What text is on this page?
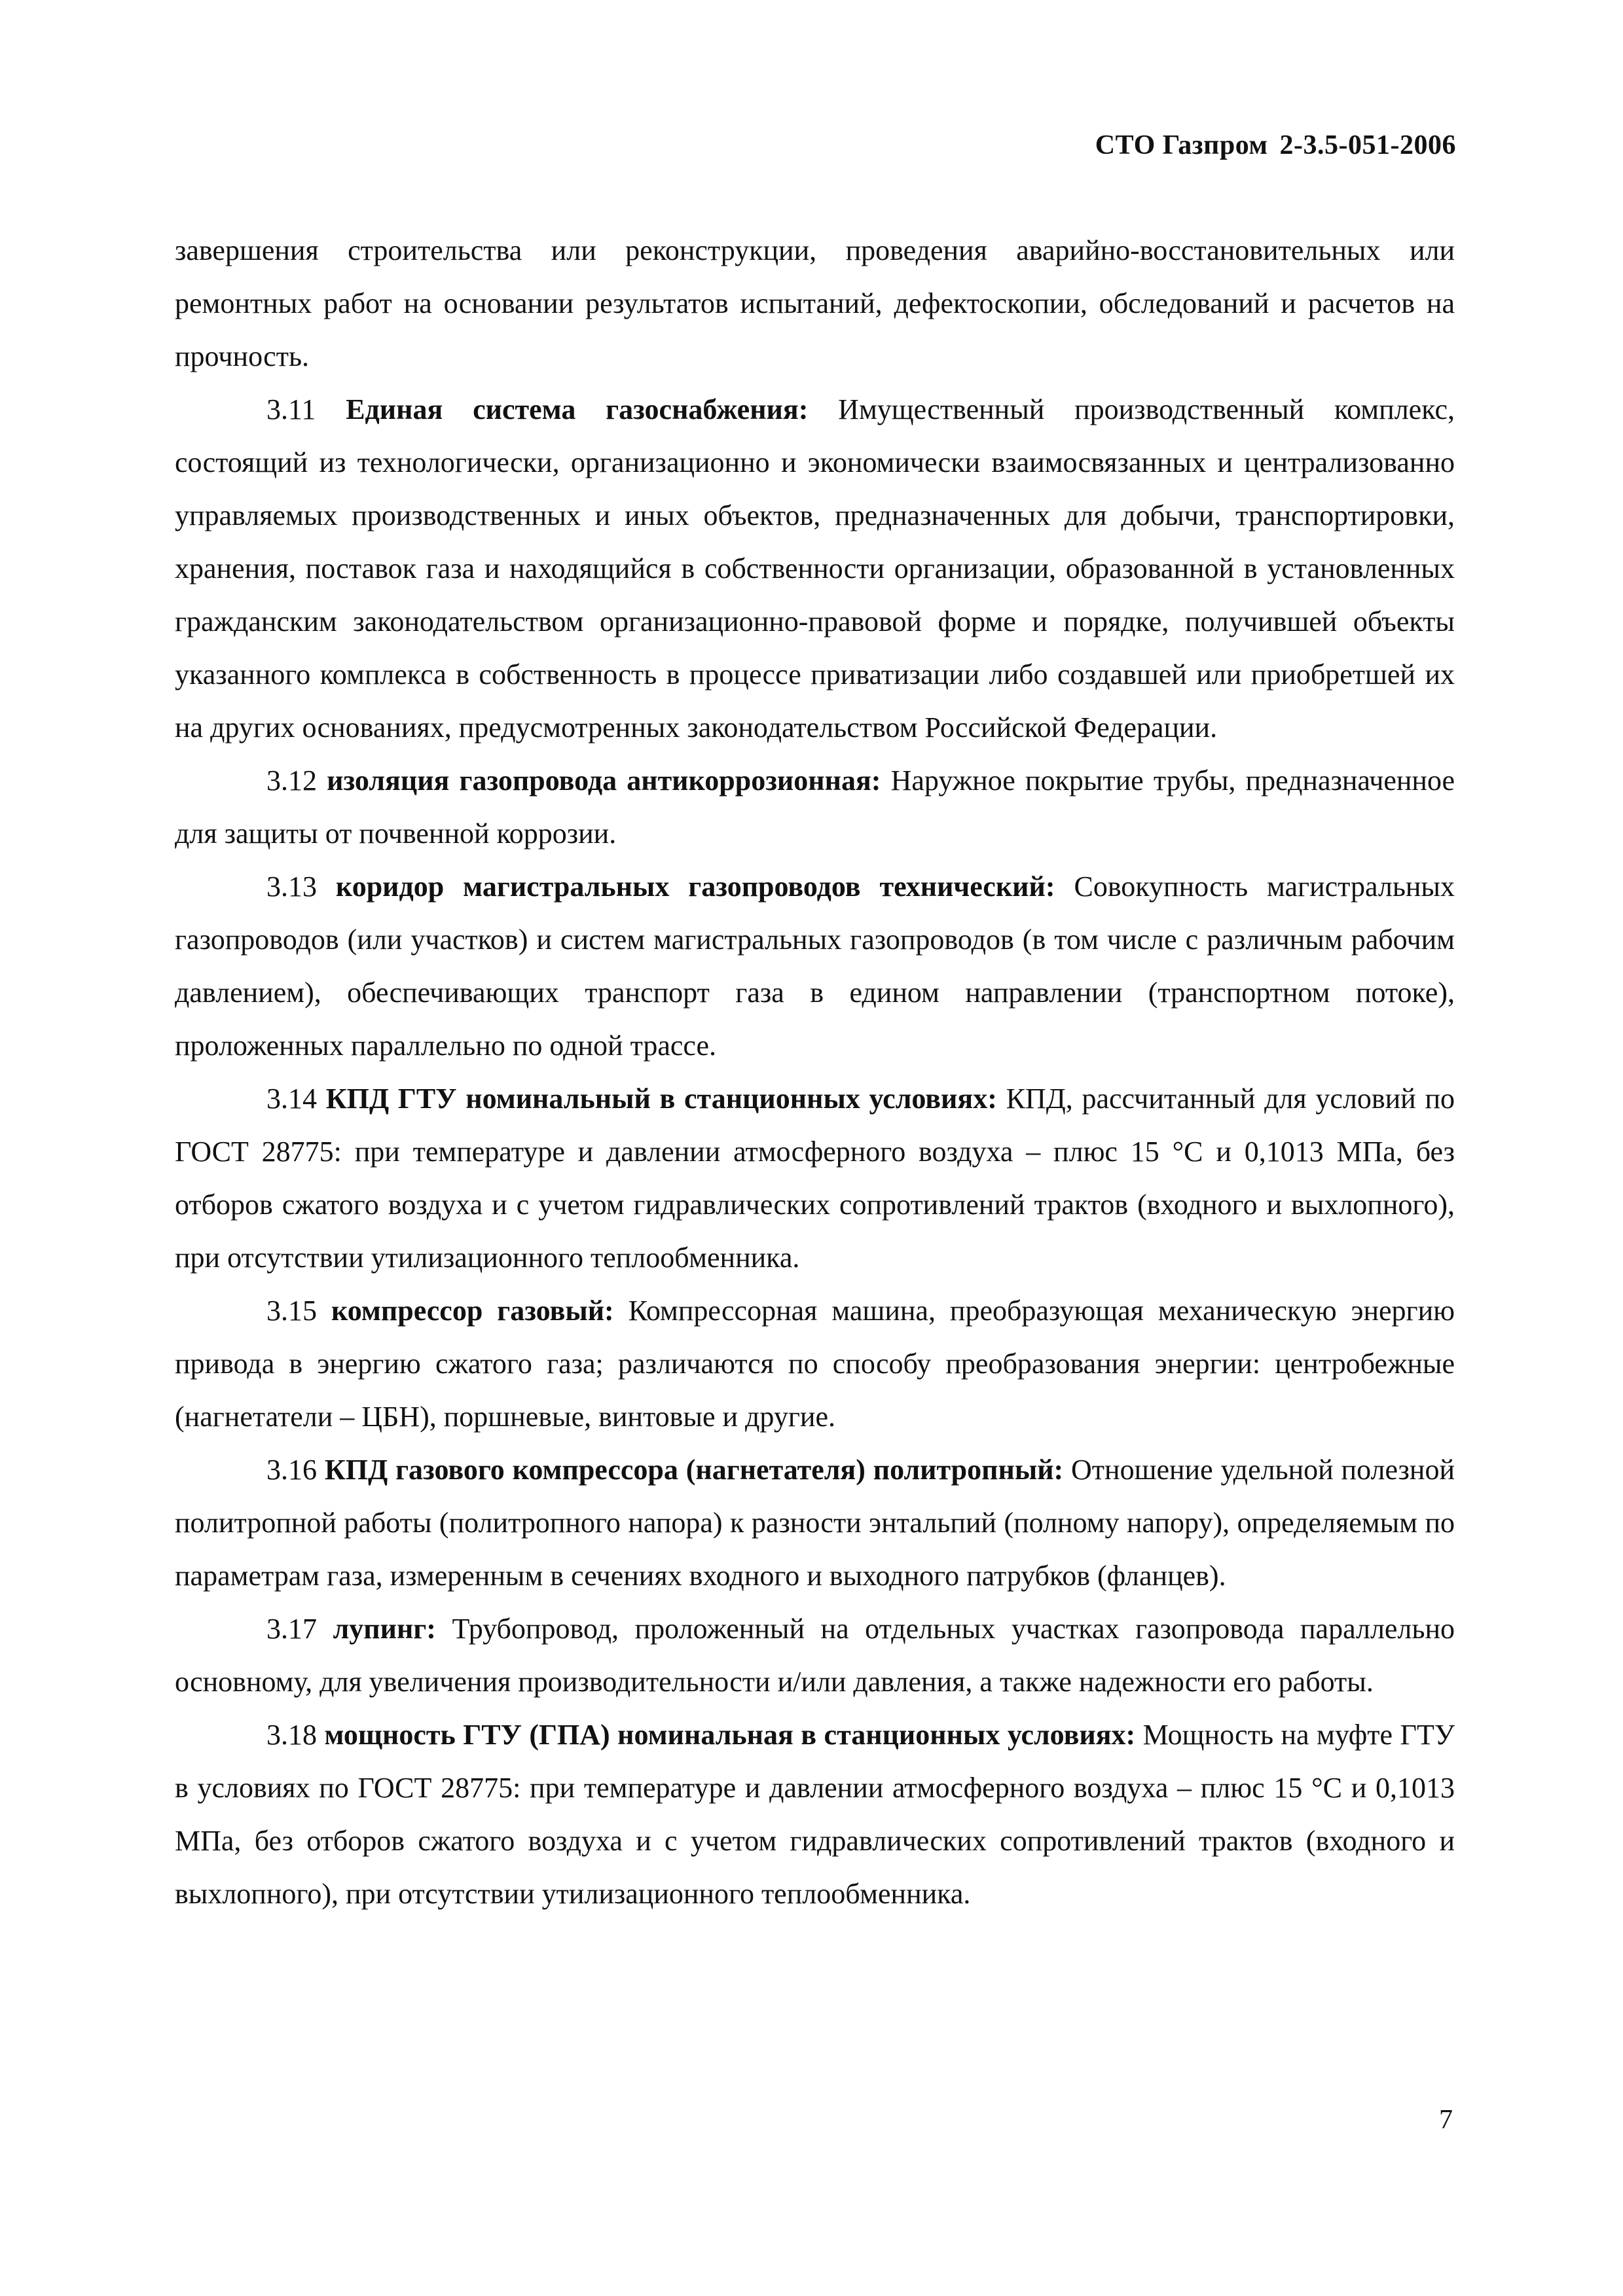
СТО Газпром 2-3.5-051-2006

завершения строительства или реконструкции, проведения аварийно-восстановительных или ремонтных работ на основании результатов испытаний, дефектоскопии, обследований и расчетов на прочность.

3.11 Единая система газоснабжения: Имущественный производственный комплекс, состоящий из технологически, организационно и экономически взаимосвязанных и централизованно управляемых производственных и иных объектов, предназначенных для добычи, транспортировки, хранения, поставок газа и находящийся в собственности организации, образованной в установленных гражданским законодательством организационно-правовой форме и порядке, получившей объекты указанного комплекса в собственность в процессе приватизации либо создавшей или приобретшей их на других основаниях, предусмотренных законодательством Российской Федерации.

3.12 изоляция газопровода антикоррозионная: Наружное покрытие трубы, предназначенное для защиты от почвенной коррозии.

3.13 коридор магистральных газопроводов технический: Совокупность магистральных газопроводов (или участков) и систем магистральных газопроводов (в том числе с различным рабочим давлением), обеспечивающих транспорт газа в едином направлении (транспортном потоке), проложенных параллельно по одной трассе.

3.14 КПД ГТУ номинальный в станционных условиях: КПД, рассчитанный для условий по ГОСТ 28775: при температуре и давлении атмосферного воздуха – плюс 15 °С и 0,1013 МПа, без отборов сжатого воздуха и с учетом гидравлических сопротивлений трактов (входного и выхлопного), при отсутствии утилизационного теплообменника.

3.15 компрессор газовый: Компрессорная машина, преобразующая механическую энергию привода в энергию сжатого газа; различаются по способу преобразования энергии: центробежные (нагнетатели – ЦБН), поршневые, винтовые и другие.

3.16 КПД газового компрессора (нагнетателя) политропный: Отношение удельной полезной политропной работы (политропного напора) к разности энтальпий (полному напору), определяемым по параметрам газа, измеренным в сечениях входного и выходного патрубков (фланцев).

3.17 лупинг: Трубопровод, проложенный на отдельных участках газопровода параллельно основному, для увеличения производительности и/или давления, а также надежности его работы.

3.18 мощность ГТУ (ГПА) номинальная в станционных условиях: Мощность на муфте ГТУ в условиях по ГОСТ 28775: при температуре и давлении атмосферного воздуха – плюс 15 °С и 0,1013 МПа, без отборов сжатого воздуха и с учетом гидравлических сопротивлений трактов (входного и выхлопного), при отсутствии утилизационного теплообменника.

7
